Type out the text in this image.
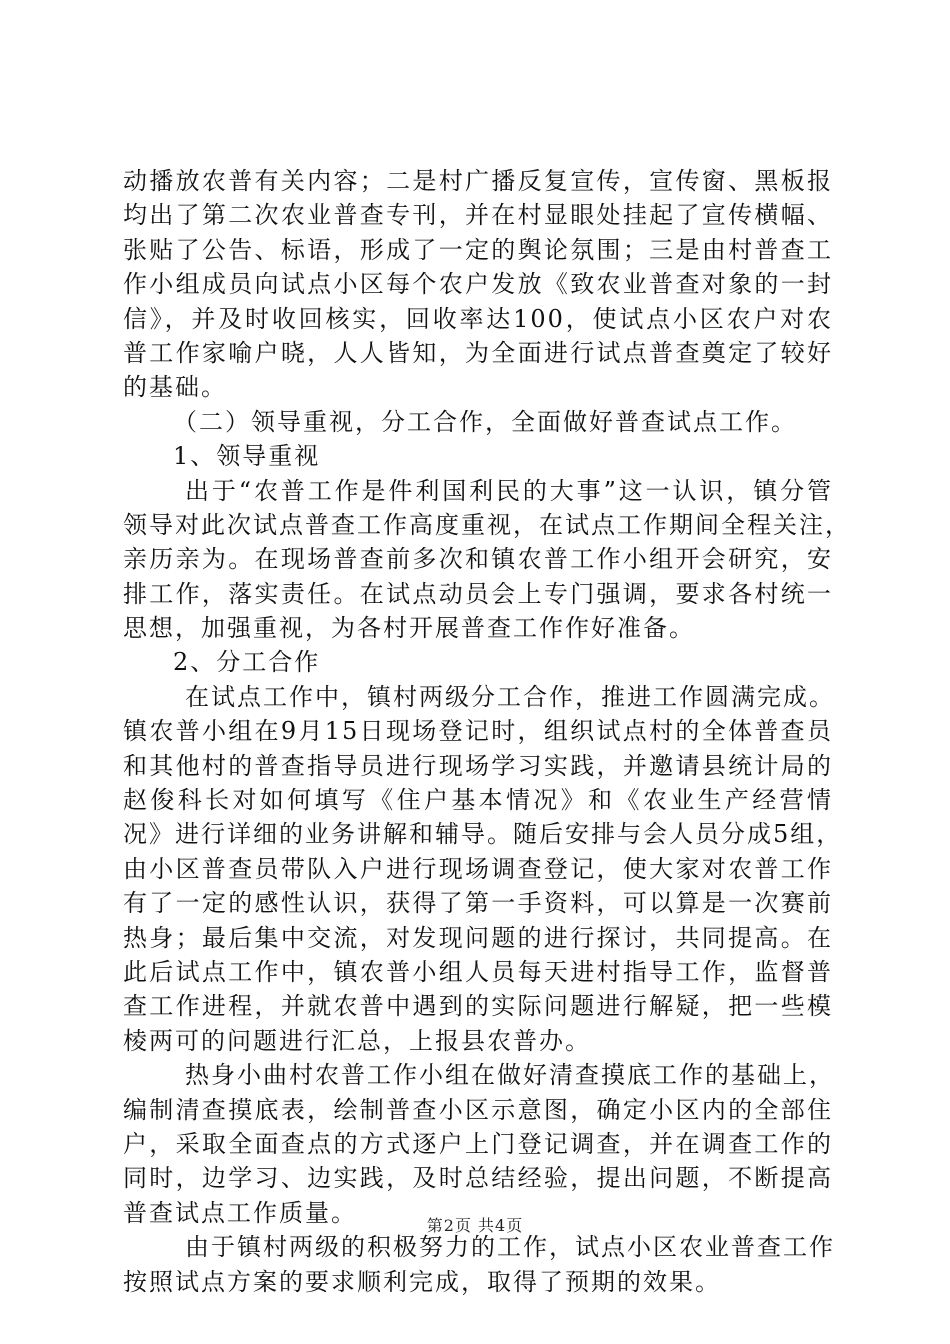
动播放农普有关内容；二是村广播反复宣传，宣传窗、黑板报
均出了第二次农业普查专刊，并在村显眼处挂起了宣传横幅、
张贴了公告、标语，形成了一定的舆论氛围；三是由村普查工
作小组成员向试点小区每个农户发放《致农业普查对象的一封
信》，并及时收回核实，回收率达100，使试点小区农户对农
普工作家喻户晓，人人皆知，为全面进行试点普查奠定了较好
的基础。
（二）领导重视，分工合作，全面做好普查试点工作。
1、领导重视
出于“农普工作是件利国利民的大事”这一认识，镇分管
领导对此次试点普查工作高度重视，在试点工作期间全程关注，
亲历亲为。在现场普查前多次和镇农普工作小组开会研究，安
排工作，落实责任。在试点动员会上专门强调，要求各村统一
思想，加强重视，为各村开展普查工作作好准备。
2、分工合作
在试点工作中，镇村两级分工合作，推进工作圆满完成。
镇农普小组在9月15日现场登记时，组织试点村的全体普查员
和其他村的普查指导员进行现场学习实践，并邀请县统计局的
赵俊科长对如何填写《住户基本情况》和《农业生产经营情
况》进行详细的业务讲解和辅导。随后安排与会人员分成5组，
由小区普查员带队入户进行现场调查登记，使大家对农普工作
有了一定的感性认识，获得了第一手资料，可以算是一次赛前
热身；最后集中交流，对发现问题的进行探讨，共同提高。在
此后试点工作中，镇农普小组人员每天进村指导工作，监督普
查工作进程，并就农普中遇到的实际问题进行解疑，把一些模
棱两可的问题进行汇总，上报县农普办。
热身小曲村农普工作小组在做好清查摸底工作的基础上，
编制清查摸底表，绘制普查小区示意图，确定小区内的全部住
户，采取全面查点的方式逐户上门登记调查，并在调查工作的
同时，边学习、边实践，及时总结经验，提出问题，不断提高
普查试点工作质量。
由于镇村两级的积极努力的工作，试点小区农业普查工作
按照试点方案的要求顺利完成，取得了预期的效果。
第2页 共4页
